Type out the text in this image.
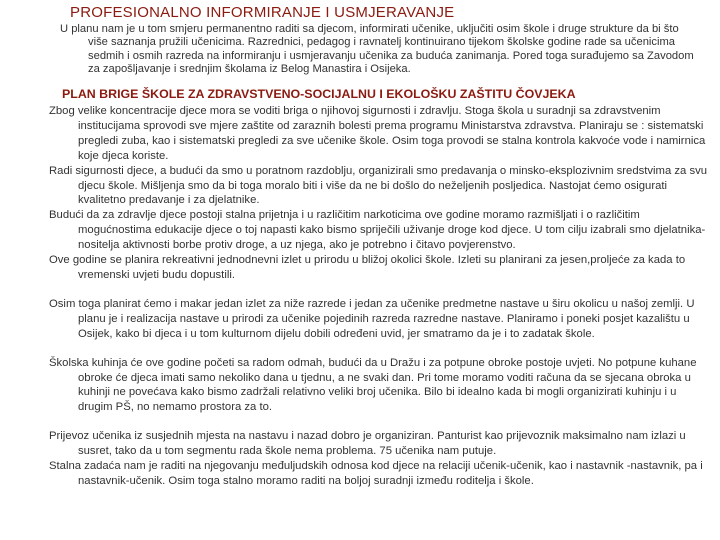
PROFESIONALNO INFORMIRANJE I USMJERAVANJE
U planu nam je u tom smjeru permanentno raditi sa djecom, informirati učenike, uključiti osim škole i druge strukture da bi što više saznanja pružili učenicima. Razrednici, pedagog i ravnatelj kontinuirano tijekom školske godine rade sa učenicima sedmih i osmih razreda na informiranju i usmjeravanju učenika za buduća zanimanja. Pored toga surađujemo sa Zavodom za zapošljavanje i srednjim školama iz Belog Manastira i Osijeka.
PLAN BRIGE ŠKOLE ZA ZDRAVSTVENO-SOCIJALNU I EKOLOŠKU ZAŠTITU ČOVJEKA
Zbog velike koncentracije djece mora se voditi briga o njihovoj sigurnosti i zdravlju. Stoga škola u suradnji sa zdravstvenim institucijama sprovodi sve mjere zaštite od zaraznih bolesti prema programu Ministarstva zdravstva. Planiraju se : sistematski pregledi zuba, kao i sistematski pregledi za sve učenike škole. Osim toga provodi se stalna kontrola kakvoće vode i namirnica koje djeca koriste.
Radi sigurnosti djece, a budući da smo u poratnom razdoblju, organizirali smo predavanja o minsko-eksplozivnim sredstvima za svu djecu škole. Mišljenja smo da bi toga moralo biti i više da ne bi došlo do neželjenih posljedica. Nastojat ćemo osigurati kvalitetno predavanje i za djelatnike.
Budući da za zdravlje djece postoji stalna prijetnja i u različitim narkoticima ove godine moramo razmišljati i o različitim mogućnostima edukacije djece o toj napasti kako bismo spriječili uživanje droge kod djece. U tom cilju izabrali smo djelatnika-nositelja aktivnosti borbe protiv droge, a uz njega, ako je potrebno i čitavo povjerenstvo.
Ove godine se planira rekreativni jednodnevni izlet u prirodu u bližoj okolici škole. Izleti su planirani za jesen,proljeće za kada to vremenski uvjeti budu dopustili.
Osim toga planirat ćemo i makar jedan izlet za niže razrede i jedan za učenike predmetne nastave u širu okolicu u našoj zemlji. U planu je i realizacija nastave u prirodi za učenike pojedinih razreda razredne nastave. Planiramo i poneki posjet kazalištu u Osijek, kako bi djeca i u tom kulturnom dijelu dobili određeni uvid, jer smatramo da je i to zadatak škole.
Školska kuhinja će ove godine početi sa radom odmah, budući da u Dražu i za potpune obroke postoje uvjeti. No potpune kuhane obroke će djeca imati samo nekoliko dana u tjednu, a ne svaki dan. Pri tome moramo voditi računa da se sjecana obroka u kuhinji ne povećava kako bismo zadržali relativno veliki broj učenika. Bilo bi idealno kada bi mogli organizirati kuhinju i u drugim PŠ, no nemamo prostora za to.
Prijevoz učenika iz susjednih mjesta na nastavu i nazad dobro je organiziran. Panturist kao prijevoznik maksimalno nam izlazi u susret, tako da u tom segmentu rada škole nema problema. 75 učenika nam putuje.
Stalna zadaća nam je raditi na njegovanju međuljudskih odnosa kod djece na relaciji učenik-učenik, kao i nastavnik -nastavnik, pa i nastavnik-učenik. Osim toga stalno moramo raditi na boljoj suradnji između roditelja i škole.
